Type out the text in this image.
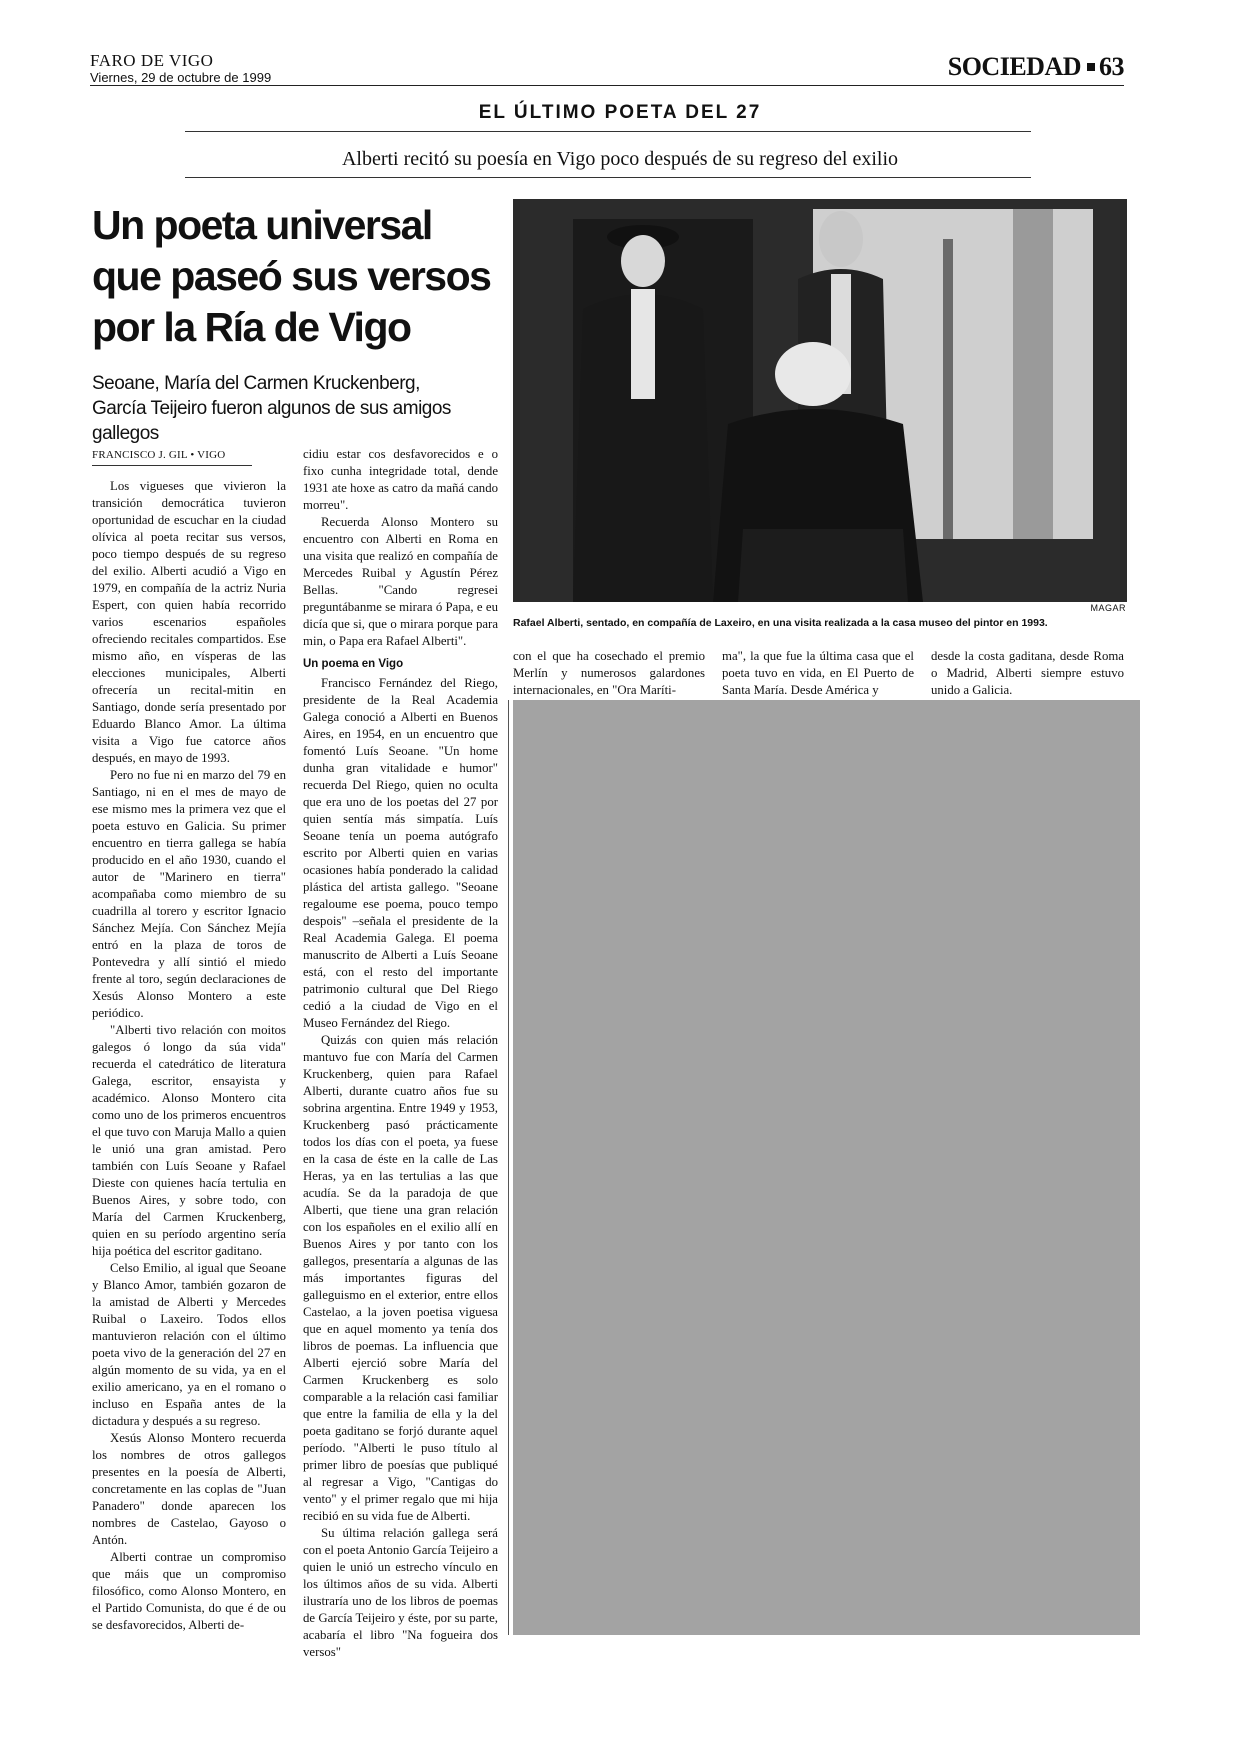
FARO DE VIGO
Viernes, 29 de octubre de 1999	SOCIEDAD 63
EL ÚLTIMO POETA DEL 27
Alberti recitó su poesía en Vigo poco después de su regreso del exilio
Un poeta universal
que paseó sus versos
por la Ría de Vigo
Seoane, María del Carmen Kruckenberg, García Teijeiro fueron algunos de sus amigos gallegos
FRANCISCO J. GIL • VIGO

Los vigueses que vivieron la transición democrática tuvieron oportunidad de escuchar en la ciudad olívica al poeta recitar sus versos, poco tiempo después de su regreso del exilio. Alberti acudió a Vigo en 1979, en compañía de la actriz Nuria Espert, con quien había recorrido varios escenarios españoles ofreciendo recitales compartidos. Ese mismo año, en vísperas de las elecciones municipales, Alberti ofrecería un recital-mitin en Santiago, donde sería presentado por Eduardo Blanco Amor. La última visita a Vigo fue catorce años después, en mayo de 1993.

Pero no fue ni en marzo del 79 en Santiago, ni en el mes de mayo de ese mismo mes la primera vez que el poeta estuvo en Galicia. Su primer encuentro en tierra gallega se había producido en el año 1930, cuando el autor de "Marinero en tierra" acompañaba como miembro de su cuadrilla al torero y escritor Ignacio Sánchez Mejía. Con Sánchez Mejía entró en la plaza de toros de Pontevedra y allí sintió el miedo frente al toro, según declaraciones de Xesús Alonso Montero a este periódico.

"Alberti tivo relación con moitos galegos ó longo da súa vida" recuerda el catedrático de literatura Galega, escritor, ensayista y académico. Alonso Montero cita como uno de los primeros encuentros el que tuvo con Maruja Mallo a quien le unió una gran amistad. Pero también con Luís Seoane y Rafael Dieste con quienes hacía tertulia en Buenos Aires, y sobre todo, con María del Carmen Kruckenberg, quien en su período argentino sería hija poética del escritor gaditano.

Celso Emilio, al igual que Seoane y Blanco Amor, también gozaron de la amistad de Alberti y Mercedes Ruibal o Laxeiro. Todos ellos mantuvieron relación con el último poeta vivo de la generación del 27 en algún momento de su vida, ya en el exilio americano, ya en el romano o incluso en España antes de la dictadura y después a su regreso.

Xesús Alonso Montero recuerda los nombres de otros gallegos presentes en la poesía de Alberti, concretamente en las coplas de "Juan Panadero" donde aparecen los nombres de Castelao, Gayoso o Antón.

Alberti contrae un compromiso que máis que un compromiso filosófico, como Alonso Montero, en el Partido Comunista, do que é de ou se desfavorecidos, Alberti de-

cidiu estar cos desfavorecidos e o fixo cunha integridade total, dende 1931 ate hoxe as catro da mañá cando morreu".

Recuerda Alonso Montero su encuentro con Alberti en Roma en una visita que realizó en compañía de Mercedes Ruibal y Agustín Pérez Bellas. "Cando regresei preguntábanme se mirara ó Papa, e eu dicía que si, que o mirara porque para min, o Papa era Rafael Alberti".

Un poema en Vigo

Francisco Fernández del Riego, presidente de la Real Academia Galega conoció a Alberti en Buenos Aires, en 1954, en un encuentro que fomentó Luís Seoane. "Un home dunha gran vitalidade e humor" recuerda Del Riego, quien no oculta que era uno de los poetas del 27 por quien sentía más simpatía. Luís Seoane tenía un poema autógrafo escrito por Alberti quien en varias ocasiones había ponderado la calidad plástica del artista gallego. "Seoane regaloume ese poema, pouco tempo despois" –señala el presidente de la Real Academia Galega. El poema manuscrito de Alberti a Luís Seoane está, con el resto del importante patrimonio cultural que Del Riego cedió a la ciudad de Vigo en el Museo Fernández del Riego.

Quizás con quien más relación mantuvo fue con María del Carmen Kruckenberg, quien para Rafael Alberti, durante cuatro años fue su sobrina argentina. Entre 1949 y 1953, Kruckenberg pasó prácticamente todos los días con el poeta, ya fuese en la casa de éste en la calle de Las Heras, ya en las tertulias a las que acudía. Se da la paradoja de que Alberti, que tiene una gran relación con los españoles en el exilio allí en Buenos Aires y por tanto con los gallegos, presentaría a algunas de las más importantes figuras del galleguismo en el exterior, entre ellos Castelao, a la joven poetisa viguesa que en aquel momento ya tenía dos libros de poemas. La influencia que Alberti ejerció sobre María del Carmen Kruckenberg es solo comparable a la relación casi familiar que entre la familia de ella y la del poeta gaditano se forjó durante aquel período. "Alberti le puso título al primer libro de poesías que publiqué al regresar a Vigo, "Cantigas do vento" y el primer regalo que mi hija recibió en su vida fue de Alberti.

Su última relación gallega será con el poeta Antonio García Teijeiro a quien le unió un estrecho vínculo en los últimos años de su vida. Alberti ilustraría uno de los libros de poemas de García Teijeiro y éste, por su parte, acabaría el libro "Na fogueira dos versos"

MAGAR
Rafael Alberti, sentado, en compañía de Laxeiro, en una visita realizada a la casa museo del pintor en 1993.

con el que ha cosechado el premio Merlín y numerosos galardones internacionales, en "Ora Maríti-

ma", la que fue la última casa que el poeta tuvo en vida, en El Puerto de Santa María. Desde América y

desde la costa gaditana, desde Roma o Madrid, Alberti siempre estuvo unido a Galicia.
